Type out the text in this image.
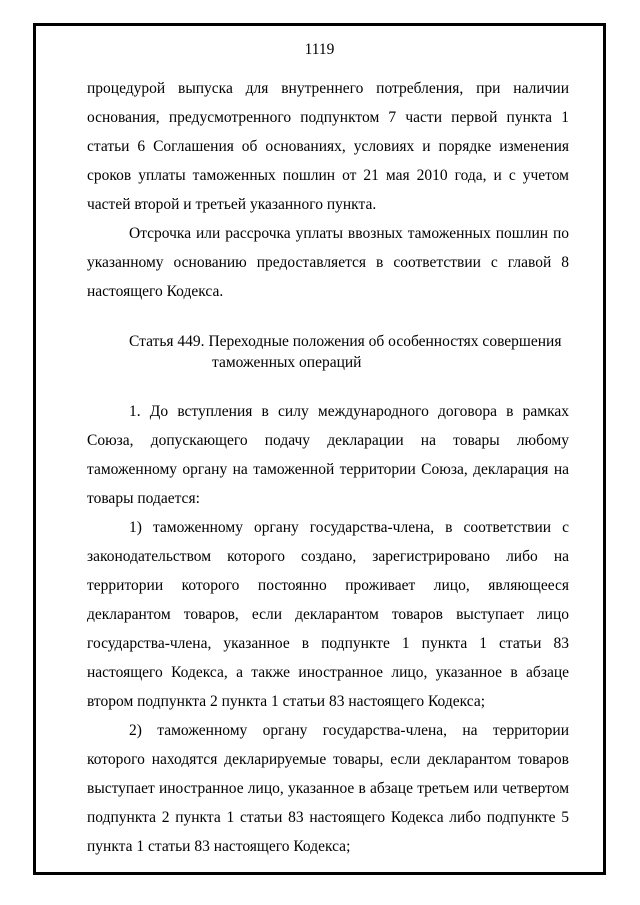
1119

процедурой выпуска для внутреннего потребления, при наличии основания, предусмотренного подпунктом 7 части первой пункта 1 статьи 6 Соглашения об основаниях, условиях и порядке изменения сроков уплаты таможенных пошлин от 21 мая 2010 года, и с учетом частей второй и третьей указанного пункта.

Отсрочка или рассрочка уплаты ввозных таможенных пошлин по указанному основанию предоставляется в соответствии с главой 8 настоящего Кодекса.

Статья 449. Переходные положения об особенностях совершения
таможенных операций

1. До вступления в силу международного договора в рамках Союза, допускающего подачу декларации на товары любому таможенному органу на таможенной территории Союза, декларация на товары подается:

1) таможенному органу государства-члена, в соответствии с законодательством которого создано, зарегистрировано либо на территории которого постоянно проживает лицо, являющееся декларантом товаров, если декларантом товаров выступает лицо государства-члена, указанное в подпункте 1 пункта 1 статьи 83 настоящего Кодекса, а также иностранное лицо, указанное в абзаце втором подпункта 2 пункта 1 статьи 83 настоящего Кодекса;

2) таможенному органу государства-члена, на территории которого находятся декларируемые товары, если декларантом товаров выступает иностранное лицо, указанное в абзаце третьем или четвертом подпункта 2 пункта 1 статьи 83 настоящего Кодекса либо подпункте 5 пункта 1 статьи 83 настоящего Кодекса;
